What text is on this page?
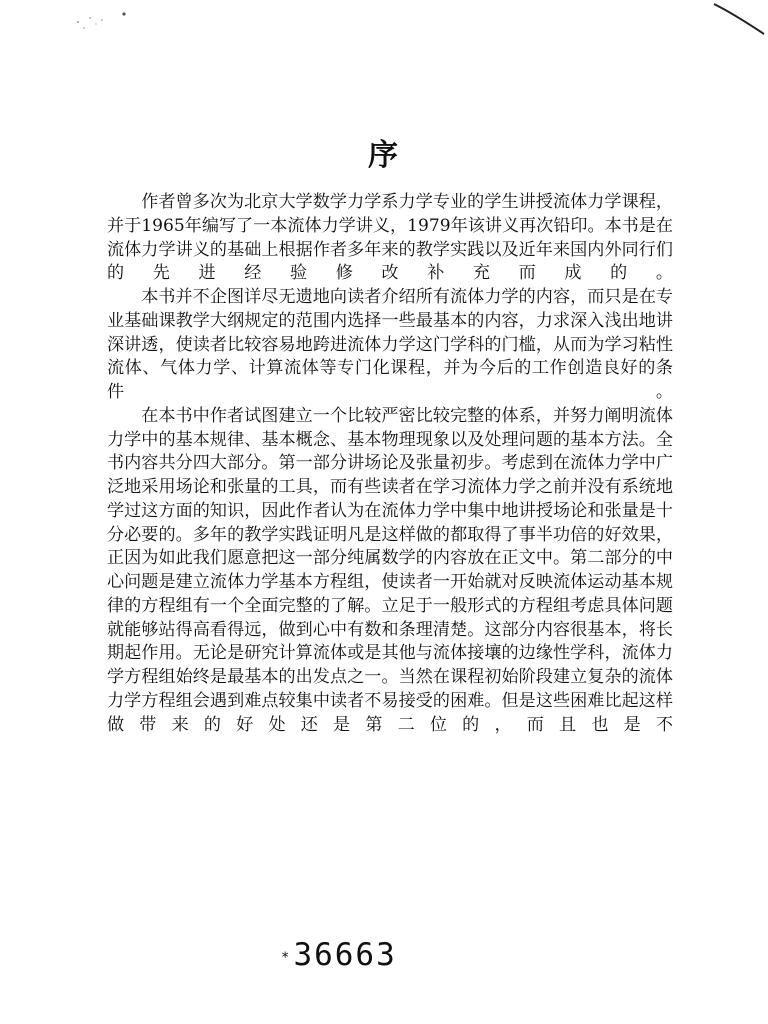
序

作者曾多次为北京大学数学力学系力学专业的学生讲授流体力学课程，并于1965年编写了一本流体力学讲义，1979年该讲义再次铅印。本书是在流体力学讲义的基础上根据作者多年来的教学实践以及近年来国内外同行们的先进经验修改补充而成的。

本书并不企图详尽无遗地向读者介绍所有流体力学的内容，而只是在专业基础课教学大纲规定的范围内选择一些最基本的内容，力求深入浅出地讲深讲透，使读者比较容易地跨进流体力学这门学科的门槛，从而为学习粘性流体、气体力学、计算流体等专门化课程，并为今后的工作创造良好的条件。

在本书中作者试图建立一个比较严密比较完整的体系，并努力阐明流体力学中的基本规律、基本概念、基本物理现象以及处理问题的基本方法。全书内容共分四大部分。第一部分讲场论及张量初步。考虑到在流体力学中广泛地采用场论和张量的工具，而有些读者在学习流体力学之前并没有系统地学过这方面的知识，因此作者认为在流体力学中集中地讲授场论和张量是十分必要的。多年的教学实践证明凡是这样做的都取得了事半功倍的好效果，正因为如此我们愿意把这一部分纯属数学的内容放在正文中。第二部分的中心问题是建立流体力学基本方程组，使读者一开始就对反映流体运动基本规律的方程组有一个全面完整的了解。立足于一般形式的方程组考虑具体问题就能够站得高看得远，做到心中有数和条理清楚。这部分内容很基本，将长期起作用。无论是研究计算流体或是其他与流体接壤的边缘性学科，流体力学方程组始终是最基本的出发点之一。当然在课程初始阶段建立复杂的流体力学方程组会遇到难点较集中读者不易接受的困难。但是这些困难比起这样做带来的好处还是第二位的，而且也是不

∗ 36663
